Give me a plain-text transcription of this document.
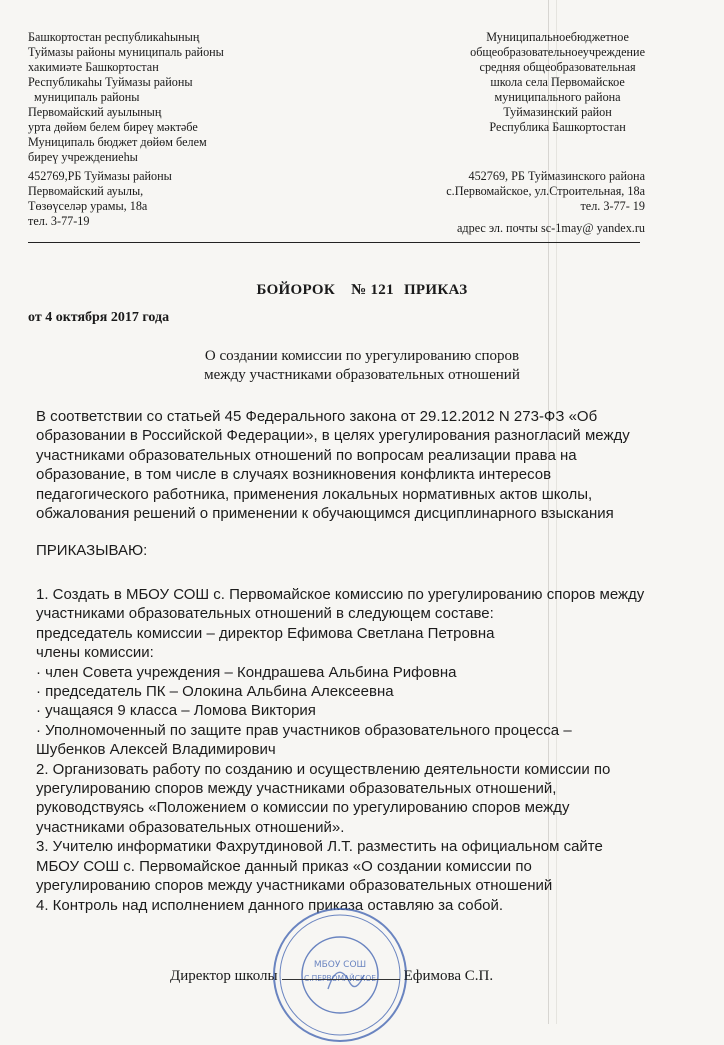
Башкортостан республикаһының
Туймазы районы муниципаль районы
хакимиәте Башкортостан
Республикаһы Туймазы районы
муниципаль районы
Первомайский ауылының
урта дөйөм белем биреү мәктәбе
Муниципаль бюджет дөйөм белем
биреү учреждениеһы
Муниципальноебюджетное
общеобразовательноеучреждение
средняя общеобразовательная
школа села Первомайское
муниципального района
Туймазинский район
Республика Башкортостан
452769,РБ Туймазы районы
Первомайский ауылы,
Төзөүселәр урамы, 18а
тел. 3-77-19
452769, РБ Туймазинского района
с.Первомайское, ул.Строительная, 18а
тел. 3-77- 19
адрес эл. почты sc-1may@ yandex.ru
БОЙОРОК № 121 ПРИКАЗ
от 4 октября 2017 года
О создании комиссии по урегулированию споров
между участниками образовательных отношений
В соответствии со статьей 45 Федерального закона от 29.12.2012 N 273-ФЗ «Об
образовании в Российской Федерации», в целях урегулирования разногласий между
участниками образовательных отношений по вопросам реализации права на
образование, в том числе в случаях возникновения конфликта интересов
педагогического работника, применения локальных нормативных актов школы,
обжалования решений о применении к обучающимся дисциплинарного взыскания
ПРИКАЗЫВАЮ:
1. Создать в МБОУ СОШ с. Первомайское комиссию по урегулированию споров между
участниками образовательных отношений в следующем составе:
председатель комиссии – директор Ефимова Светлана Петровна
члены комиссии:
· член Совета учреждения – Кондрашева Альбина Рифовна
· председатель ПК – Олокина Альбина Алексеевна
· учащаяся 9 класса – Ломова Виктория
· Уполномоченный по защите прав участников образовательного процесса –
Шубенков Алексей Владимирович
2. Организовать работу по созданию и осуществлению деятельности комиссии по
урегулированию споров между участниками образовательных отношений,
руководствуясь «Положением о комиссии по урегулированию споров между
участниками образовательных отношений».
3. Учителю информатики Фахрутдиновой Л.Т. разместить на официальном сайте
МБОУ СОШ с. Первомайское данный приказ «О создании комиссии по
урегулированию споров между участниками образовательных отношений
4. Контроль над исполнением данного приказа оставляю за собой.
МБОУ СОШ
С.ПЕРВОМАЙСКОЕ
Директор школы	Ефимова С.П.
